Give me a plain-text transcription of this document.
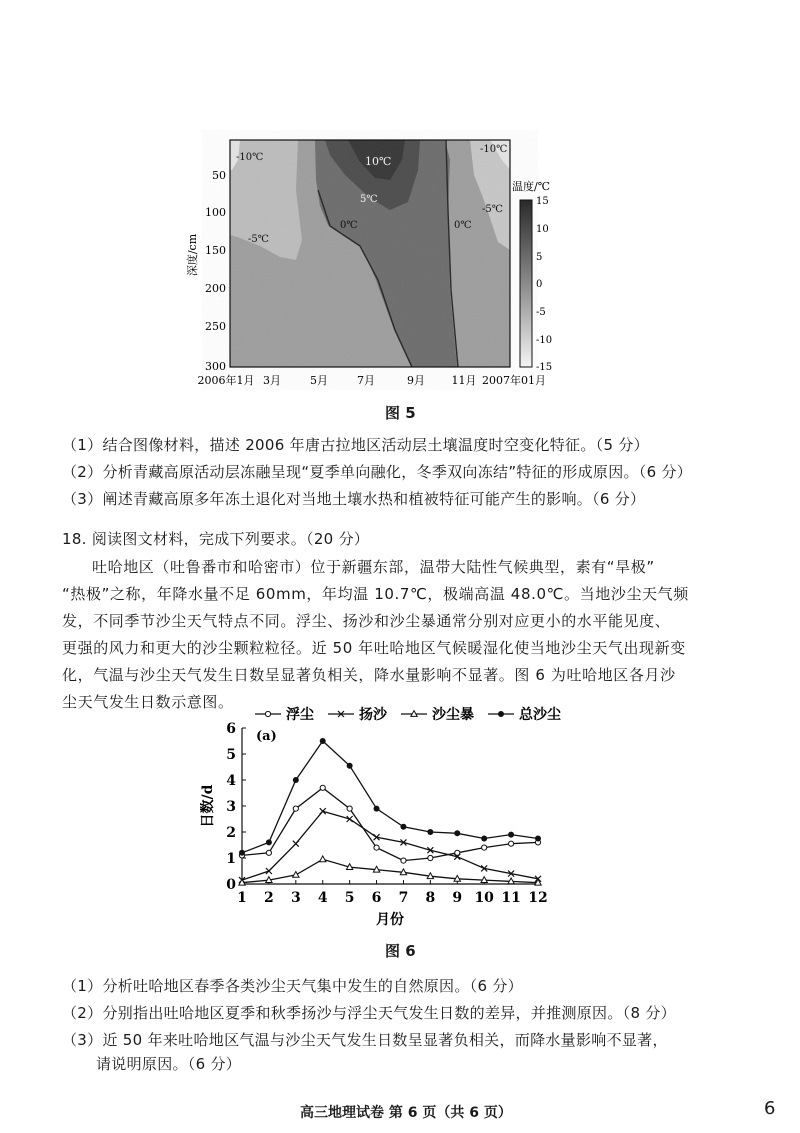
-10℃	10℃
-10℃
5℃
-5℃
0℃	0℃
-5℃
深度/cm
50
100
150
200
250
300
2006年1月 3月	5月	7月	9月 11月 2007年01月
温度/℃
15
10
5
0
-5
-10
-15
图 5
（1）结合图像材料，描述 2006 年唐古拉地区活动层土壤温度时空变化特征。（5 分）
（2）分析青藏高原活动层冻融呈现“夏季单向融化，冬季双向冻结”特征的形成原因。（6 分）
（3）阐述青藏高原多年冻土退化对当地土壤水热和植被特征可能产生的影响。（6 分）
18. 阅读图文材料，完成下列要求。（20 分）
吐哈地区（吐鲁番市和哈密市）位于新疆东部，温带大陆性气候典型，素有“旱极”
“热极”之称，年降水量不足 60mm，年均温 10.7℃，极端高温 48.0℃。当地沙尘天气频
发，不同季节沙尘天气特点不同。浮尘、扬沙和沙尘暴通常分别对应更小的水平能见度、
更强的风力和更大的沙尘颗粒粒径。近 50 年吐哈地区气候暖湿化使当地沙尘天气出现新变
化，气温与沙尘天气发生日数呈显著负相关，降水量影响不显著。图 6 为吐哈地区各月沙
尘天气发生日数示意图。
浮尘	扬沙	沙尘暴	总沙尘
0
1
2
3
4
5
6
1 2 3 4 5 6 7 8 9 10 11 12
日数/d
月份
(a)
图 6
（1）分析吐哈地区春季各类沙尘天气集中发生的自然原因。（6 分）
（2）分别指出吐哈地区夏季和秋季扬沙与浮尘天气发生日数的差异，并推测原因。（8 分）
（3）近 50 年来吐哈地区气温与沙尘天气发生日数呈显著负相关，而降水量影响不显著，
请说明原因。（6 分）
高三地理试卷 第 6 页（共 6 页）	6
